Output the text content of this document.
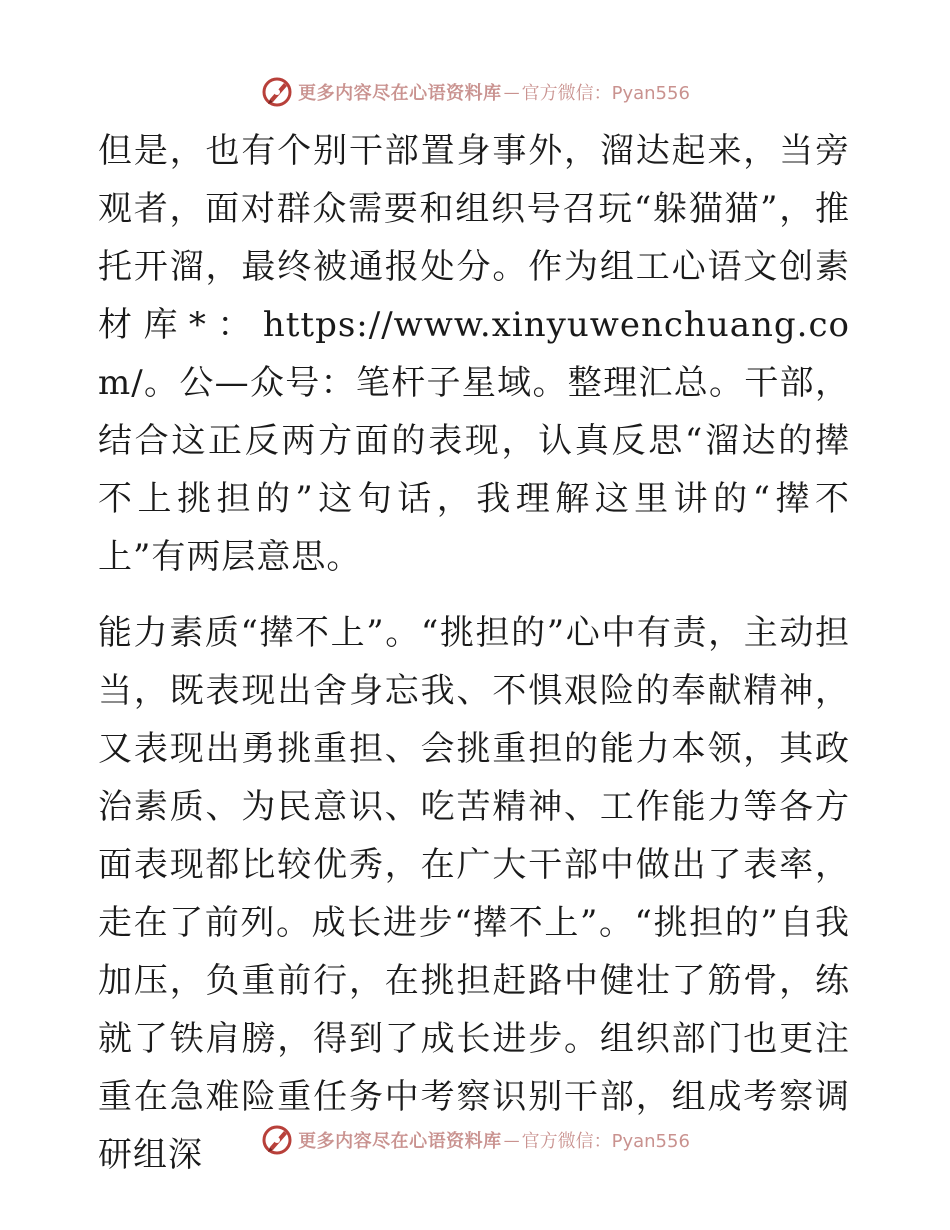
更多内容尽在心语资料库 — 官方微信：Pyan556

但是，也有个别干部置身事外，溜达起来，当旁观者，面对群众需要和组织号召玩“躲猫猫”，推托开溜，最终被通报处分。作为组工心语文创素材库*：https://www.xinyuwenchuang.com/。公—众号：笔杆子星域。整理汇总。干部，结合这正反两方面的表现，认真反思“溜达的撵不上挑担的”这句话，我理解这里讲的“撵不上”有两层意思。

能力素质“撵不上”。“挑担的”心中有责，主动担当，既表现出舍身忘我、不惧艰险的奉献精神，又表现出勇挑重担、会挑重担的能力本领，其政治素质、为民意识、吃苦精神、工作能力等各方面表现都比较优秀，在广大干部中做出了表率，走在了前列。成长进步“撵不上”。“挑担的”自我加压，负重前行，在挑担赶路中健壮了筋骨，练就了铁肩膀，得到了成长进步。组织部门也更注重在急难险重任务中考察识别干部，组成考察调研组深	更多内容尽在心语资料库 — 官方微信：Pyan556
